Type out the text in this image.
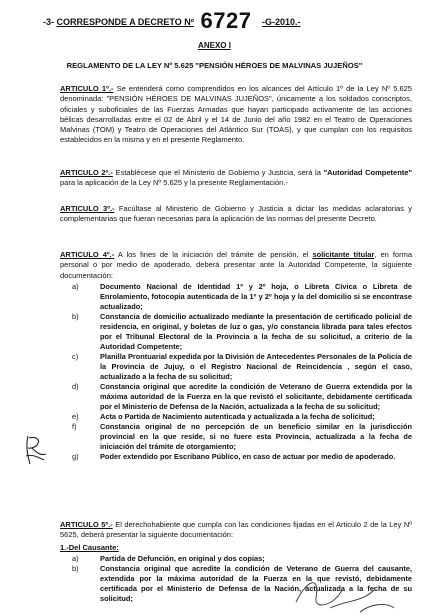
-3- CORRESPONDE A DECRETO Nº 6727 -G-2010.-
ANEXO I
REGLAMENTO DE LA LEY Nº 5.625 "PENSIÓN HÉROES DE MALVINAS JUJEÑOS"
ARTICULO 1º.- Se entenderá como comprendidos en los alcances del Artículo 1º de la Ley Nº 5.625 denominada: "PENSIÓN HÉROES DE MALVINAS JUJEÑOS", únicamente a los soldados conscriptos, oficiales y suboficiales de las Fuerzas Armadas que hayan participado activamente de las acciones bélicas desarrolladas entre el 02 de Abril y el 14 de Junio del año 1982 en el Teatro de Operaciones Malvinas (TOM) y Teatro de Operaciones del Atlántico Sur (TOAS), y que cumplan con los requisitos establecidos en la misma y en el presente Reglamento.
ARTICULO 2º.- Establécese que el Ministerio de Gobierno y Justicia, será la "Autoridad Competente" para la aplicación de la Ley Nº 5.625 y la presente Reglamentación.-
ARTICULO 3º.- Facúltase al Ministerio de Gobierno y Justicia a dictar las medidas aclaratorias y complementarias que fueran necesarias para la aplicación de las normas del presente Decreto.
ARTICULO 4º.- A los fines de la iniciación del trámite de pensión, el solicitante titular, en forma personal o por medio de apoderado, deberá presentar ante la Autoridad Competente, la siguiente documentación:
a)	Documento Nacional de Identidad 1º y 2º hoja, o Libreta Cívica o Libreta de Enrolamiento, fotocopia autenticada de la 1º y 2º hoja y la del domicilio si se encontrase actualizado;
b)	Constancia de domicilio actualizado mediante la presentación de certificado policial de residencia, en original, y boletas de luz o gas, y/o constancia librada para tales efectos por el Tribunal Electoral de la Provincia a la fecha de su solicitud, a criterio de la Autoridad Competente;
c)	Planilla Prontuarial expedida por la División de Antecedentes Personales de la Policía de la Provincia de Jujuy, o el Registro Nacional de Reincidencia , según el caso, actualizado a la fecha de su solicitud;
d)	Constancia original que acredite la condición de Veterano de Guerra extendida por la máxima autoridad de la Fuerza en la que revistó el solicitante, debidamente certificada por el Ministerio de Defensa de la Nación, actualizada a la fecha de su solicitud;
e)	Acta o Partida de Nacimiento autenticada y actualizada a la fecha de solicitud;
f)	Constancia original de no percepción de un beneficio similar en la jurisdicción provincial en la que reside, si no fuere esta Provincia, actualizada a la fecha de iniciación del trámite de otorgamiento;
g)	Poder extendido por Escribano Público, en caso de actuar por medio de apoderado.
ARTICULO 5º.- El derechohabiente que cumpla con las condiciones fijadas en el Articulo 2 de la Ley Nº 5625, deberá presentar la siguiente documentación:
1.-Del Causante:
a)	Partida de Defunción, en original y dos copias;
b)	Constancia original que acredite la condición de Veterano de Guerra del causante, extendida por la máxima autoridad de la Fuerza en la que revistó, debidamente certificada por el Ministerio de Defensa de la Nación, actualizada a la fecha de su solicitud;
